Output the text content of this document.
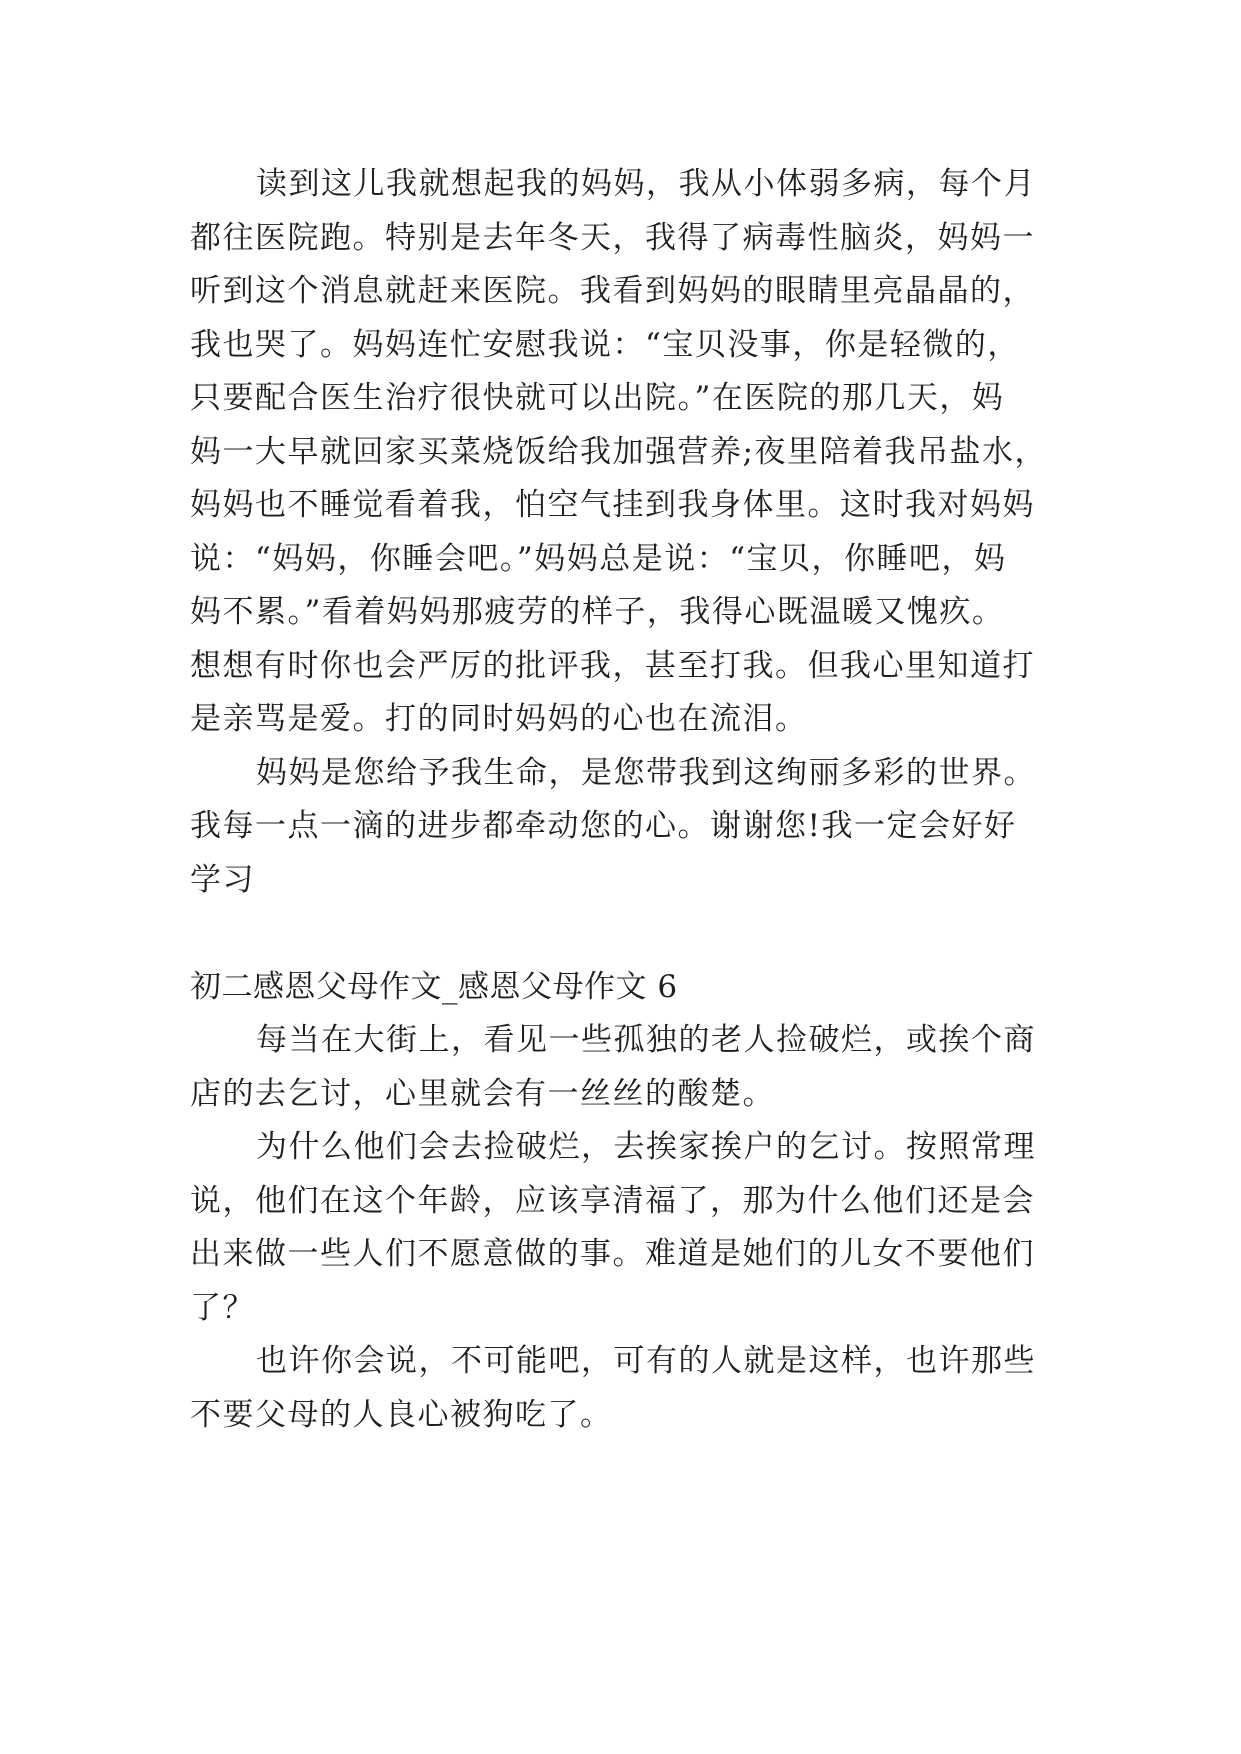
读到这儿我就想起我的妈妈，我从小体弱多病，每个月
都往医院跑。特别是去年冬天，我得了病毒性脑炎，妈妈一
听到这个消息就赶来医院。我看到妈妈的眼睛里亮晶晶的，
我也哭了。妈妈连忙安慰我说：“宝贝没事，你是轻微的，
只要配合医生治疗很快就可以出院。”在医院的那几天，妈
妈一大早就回家买菜烧饭给我加强营养;夜里陪着我吊盐水，
妈妈也不睡觉看着我，怕空气挂到我身体里。这时我对妈妈
说：“妈妈，你睡会吧。”妈妈总是说：“宝贝，你睡吧，妈
妈不累。”看着妈妈那疲劳的样子，我得心既温暖又愧疚。
想想有时你也会严厉的批评我，甚至打我。但我心里知道打
是亲骂是爱。打的同时妈妈的心也在流泪。
妈妈是您给予我生命，是您带我到这绚丽多彩的世界。
我每一点一滴的进步都牵动您的心。谢谢您!我一定会好好
学习
初二感恩父母作文_感恩父母作文 6
每当在大街上，看见一些孤独的老人捡破烂，或挨个商
店的去乞讨，心里就会有一丝丝的酸楚。
为什么他们会去捡破烂，去挨家挨户的乞讨。按照常理
说，他们在这个年龄，应该享清福了，那为什么他们还是会
出来做一些人们不愿意做的事。难道是她们的儿女不要他们
了？
也许你会说，不可能吧，可有的人就是这样，也许那些
不要父母的人良心被狗吃了。
